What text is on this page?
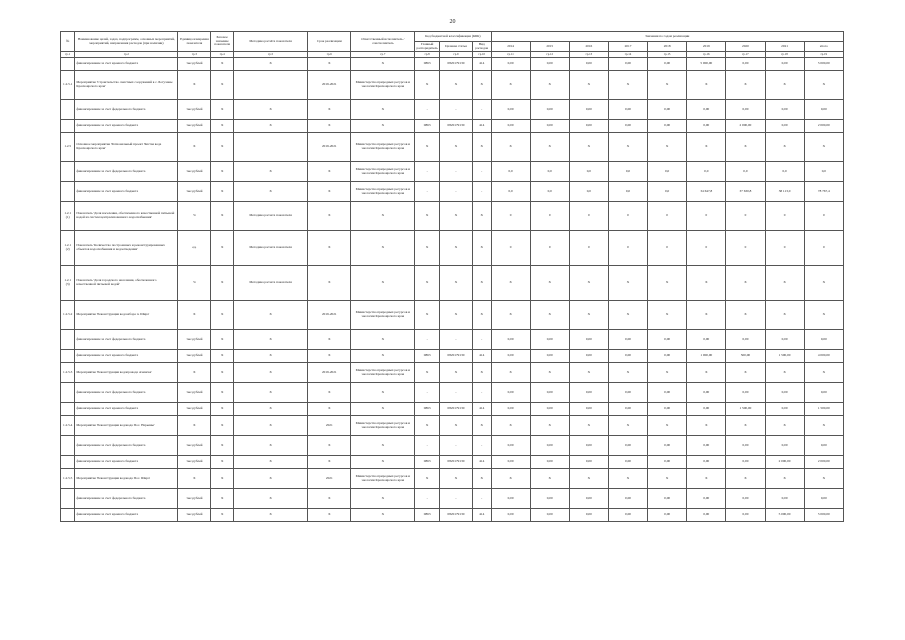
20
№	Наименование целей, задач, подпрограмм, основных мероприятий, мероприятий, направления расходов (при наличии)	Единица измерения показателя	Базовое значение показателя	Методика расчёта показателя	Срок реализации	Ответственный исполнитель / соисполнитель	Код бюджетной классификации (КБК)			Значения по годам реализации								
							Главный распорядитель	Целевая статья	Вид расходов	2014	2015	2016	2017	2018	2019	2020	2021	итого
гр.1	гр.2	гр.3	гр.4	гр.5	гр.6	гр.7	гр.8	гр.9	гр.10	гр.11	гр.12	гр.13	гр.14	гр.15	гр.16	гр.17	гр.18	гр.19
	финансирование за счет краевого бюджета	тыс.рублей	Х	Х	Х	Х	0863	0820179130	414	0,00	0,00	0,00	0,00	0,00	5 000,00	0,00	0,00	5 000,00
1.2.5.1	Мероприятие 'Строительство очистных сооружений в с. Богучаны Красноярского края'	Х	Х		2019-2021	Министерство природных ресурсов и экологии Красноярского края	Х	Х	Х	Х	Х	Х	Х	Х	Х	Х	Х	Х
	финансирование за счет федерального бюджета	тыс.рублей	Х	Х	Х	Х	-	-	-	0,00	0,00	0,00	0,00	0,00	0,00	0,00	0,00	0,00
	финансирование за счет краевого бюджета	тыс.рублей	Х	Х	Х	Х	0863	0820179130	414	0,00	0,00	0,00	0,00	0,00	0,00	2 000,00	0,00	2 000,00
1.2.5	Основное мероприятие 'Региональный проект Чистая вода Красноярского края'	Х	Х		2019-2021	Министерство природных ресурсов и экологии Красноярского края	Х	Х	Х	Х	Х	Х	Х	Х	Х	Х	Х	Х
	финансирование за счет федерального бюджета	тыс.рублей	Х	Х	Х	Министерство природных ресурсов и экологии Красноярского края	-	-	-	0,0	0,0	0,0	0,0	0,0	0,0	0,0	0,0	0,0
	финансирование за счет краевого бюджета	тыс.рублей	Х	Х	Х	Министерство природных ресурсов и экологии Красноярского края	-	-	-	0,0	0,0	0,0	0,0	0,0	34 647,8	37 630,8	38 113,0	78 767,4
1.2.1 (1)	Показатель 'Доля населения, обеспеченного качественной питьевой водой из систем централизованного водоснабжения'	%	Х	Методика расчета показателя	Х	Х	Х	Х	Х	0	0	0	0	0	0	0	0	0
1.2.1 (2)	Показатель 'Количество построенных и реконструированных объектов водоснабжения и водоотведения'	ед.	Х	Методика расчета показателя	Х	Х	Х	Х	Х	0	0	0	0	0	0	0	0	0
1.2.1 (3)	Показатель 'Доля городского населения, обеспеченного качественной питьевой водой'	%	Х	Методика расчета показателя	Х	Х	Х	Х	Х	Х	Х	Х	Х	Х	Х	Х	Х	Х
1.2.5.2	Мероприятие 'Реконструкция водозабора п. Шира'	Х	Х	Х	2019-2021	Министерство природных ресурсов и экологии Красноярского края	Х	Х	Х	Х	Х	Х	Х	Х	Х	Х	Х	Х
	финансирование за счет федерального бюджета	тыс.рублей	Х	Х	Х	Х	-	-	-	0,00	0,00	0,00	0,00	0,00	0,00	0,00	0,00	0,00
	финансирование за счет краевого бюджета	тыс.рублей	Х	Х	Х	Х	0863	0820179130	414	0,00	0,00	0,00	0,00	0,00	1 000,00	500,00	1 500,00	4 000,00
1.2.5.3	Мероприятие 'Реконструкция водопровода Ачинска'	Х	Х	Х	2019-2021	Министерство природных ресурсов и экологии Красноярского края	Х	Х	Х	Х	Х	Х	Х	Х	Х	Х	Х	Х
	финансирование за счет федерального бюджета	тыс.рублей	Х	Х	Х	Х	-	-	-	0,00	0,00	0,00	0,00	0,00	0,00	0,00	0,00	0,00
	финансирование за счет краевого бюджета	тыс.рублей	Х	Х	Х	Х	0863	0820179130	414	0,00	0,00	0,00	0,00	0,00	0,00	1 500,00	0,00	1 500,00
1.2.5.4	Мероприятие 'Реконструкция водовода Пос. Нарьяны'	Х	Х	Х	2021	Министерство природных ресурсов и экологии Красноярского края	Х	Х	Х	Х	Х	Х	Х	Х	Х	Х	Х	Х
	финансирование за счет федерального бюджета	тыс.рублей	Х	Х	Х	Х	-	-	-	0,00	0,00	0,00	0,00	0,00	0,00	0,00	0,00	0,00
	финансирование за счет краевого бюджета	тыс.рублей	Х	Х	Х	Х	0863	0820179130	414	0,00	0,00	0,00	0,00	0,00	0,00	0,00	2 000,00	2 000,00
1.2.5.5	Мероприятие 'Реконструкция водовода Пос. Шира'	Х	Х	Х	2021	Министерство природных ресурсов и экологии Красноярского края	Х	Х	Х	Х	Х	Х	Х	Х	Х	Х	Х	Х
	финансирование за счет федерального бюджета	тыс.рублей	Х	Х	Х	Х	-	-	-	0,00	0,00	0,00	0,00	0,00	0,00	0,00	0,00	0,00
	финансирование за счет краевого бюджета	тыс.рублей	Х	Х	Х	Х	0863	0820179130	414	0,00	0,00	0,00	0,00	0,00	0,00	0,00	5 000,00	5 000,00
